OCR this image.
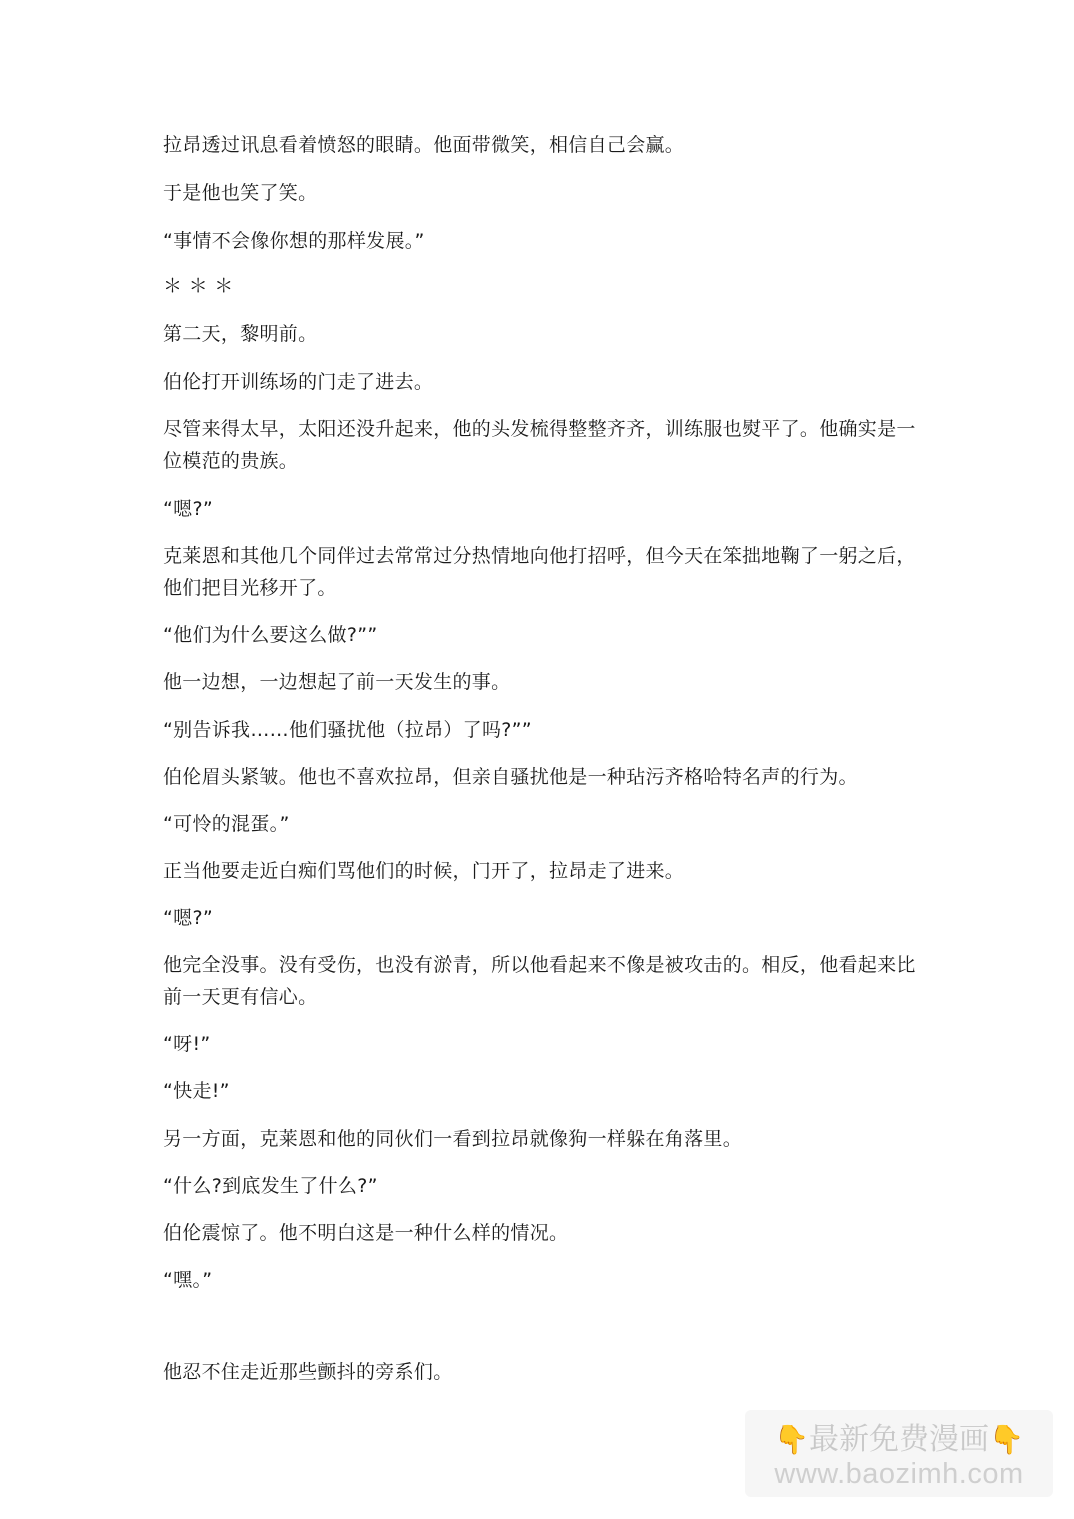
拉昂透过讯息看着愤怒的眼睛。他面带微笑，相信自己会赢。

于是他也笑了笑。

“事情不会像你想的那样发展。”

＊ ＊ ＊

第二天，黎明前。

伯伦打开训练场的门走了进去。

尽管来得太早，太阳还没升起来，他的头发梳得整整齐齐，训练服也熨平了。他确实是一位模范的贵族。

“嗯?”

克莱恩和其他几个同伴过去常常过分热情地向他打招呼，但今天在笨拙地鞠了一躬之后，他们把目光移开了。

“他们为什么要这么做?””

他一边想，一边想起了前一天发生的事。

“别告诉我……他们骚扰他（拉昂）了吗?””

伯伦眉头紧皱。他也不喜欢拉昂，但亲自骚扰他是一种玷污齐格哈特名声的行为。

“可怜的混蛋。”

正当他要走近白痴们骂他们的时候，门开了，拉昂走了进来。

“嗯?”

他完全没事。没有受伤，也没有淤青，所以他看起来不像是被攻击的。相反，他看起来比前一天更有信心。

“呀!”

“快走!”

另一方面，克莱恩和他的同伙们一看到拉昂就像狗一样躲在角落里。

“什么?到底发生了什么?”

伯伦震惊了。他不明白这是一种什么样的情况。

“嘿。”

他忍不住走近那些颤抖的旁系们。

👇最新免费漫画👇
www.baozimh.com
